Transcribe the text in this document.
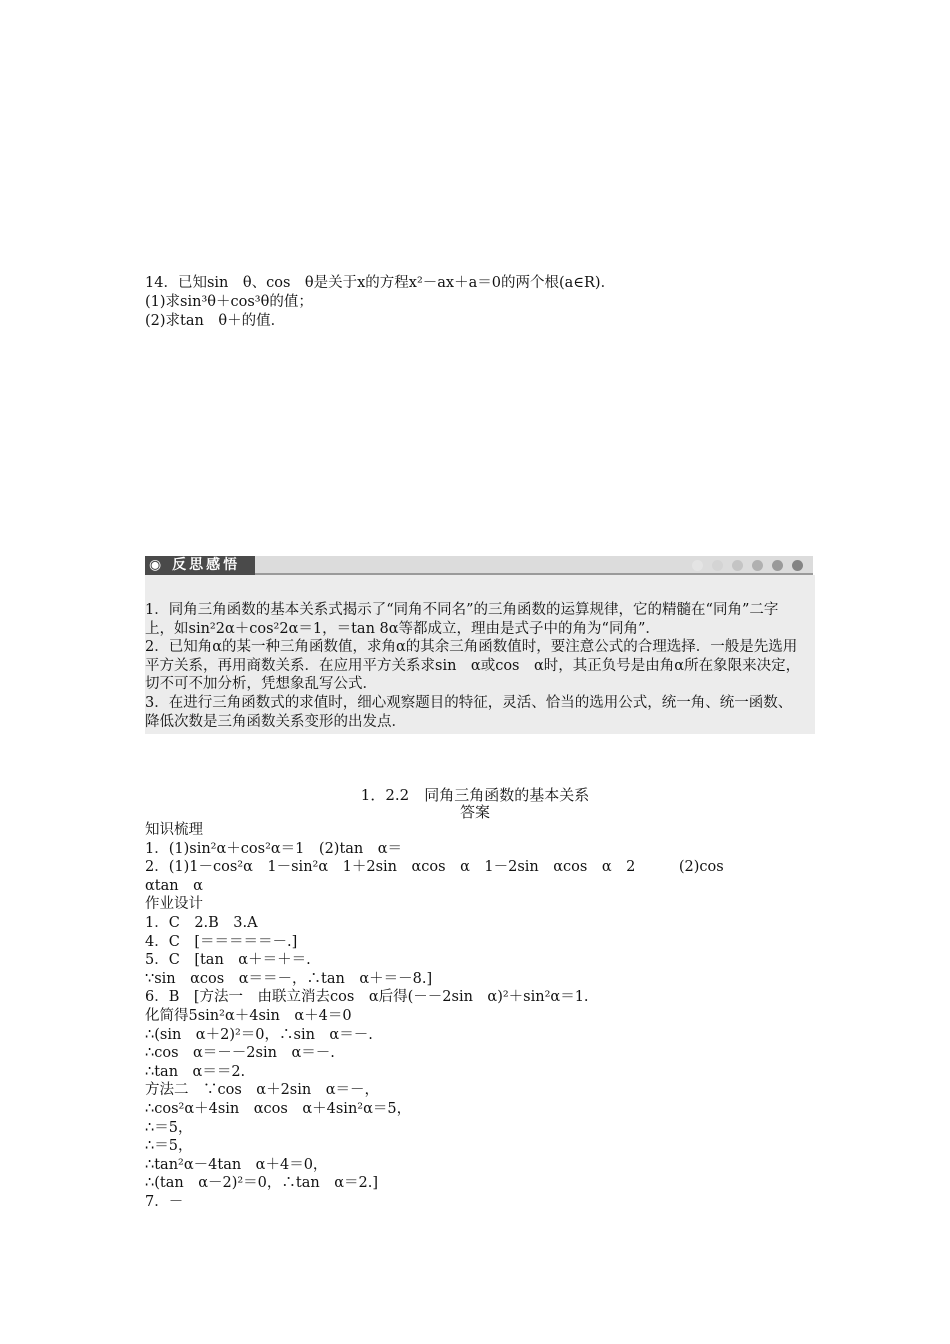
14．已知sin　θ、cos　θ是关于x的方程x²－ax＋a＝0的两个根(a∈R)．
(1)求sin³θ＋cos³θ的值；
(2)求tan　θ＋的值．
◉ 反思感悟

1．同角三角函数的基本关系式揭示了“同角不同名”的三角函数的运算规律，它的精髓在“同角”二字上，如sin²2α＋cos²2α＝1，＝tan 8α等都成立，理由是式子中的角为“同角”．

2．已知角α的某一种三角函数值，求角α的其余三角函数值时，要注意公式的合理选择．一般是先选用平方关系，再用商数关系．在应用平方关系求sin　α或cos　α时，其正负号是由角α所在象限来决定，切不可不加分析，凭想象乱写公式．

3．在进行三角函数式的求值时，细心观察题目的特征，灵活、恰当的选用公式，统一角、统一函数、降低次数是三角函数关系变形的出发点．

1．2.2　同角三角函数的基本关系
答案
知识梳理
1．(1)sin²α＋cos²α＝1　(2)tan　α＝
2．(1)1－cos²α　1－sin²α　1＋2sin　αcos　α　1－2sin　αcos　α　2　　　(2)cos
αtan　α
作业设计
1．C　2.B　3.A
4．C　[＝＝＝＝＝－.]
5．C　[tan　α＋＝＋＝.
∵sin　αcos　α＝＝－，∴tan　α＋＝－8.]
6．B　[方法一　由联立消去cos　α后得(－－2sin　α)²＋sin²α＝1.
化简得5sin²α＋4sin　α＋4＝0
∴(sin　α＋2)²＝0，∴sin　α＝－.
∴cos　α＝－－2sin　α＝－.
∴tan　α＝＝2.
方法二　∵cos　α＋2sin　α＝－，
∴cos²α＋4sin　αcos　α＋4sin²α＝5，
∴＝5，
∴＝5，
∴tan²α－4tan　α＋4＝0，
∴(tan　α－2)²＝0，∴tan　α＝2.]
7．－
